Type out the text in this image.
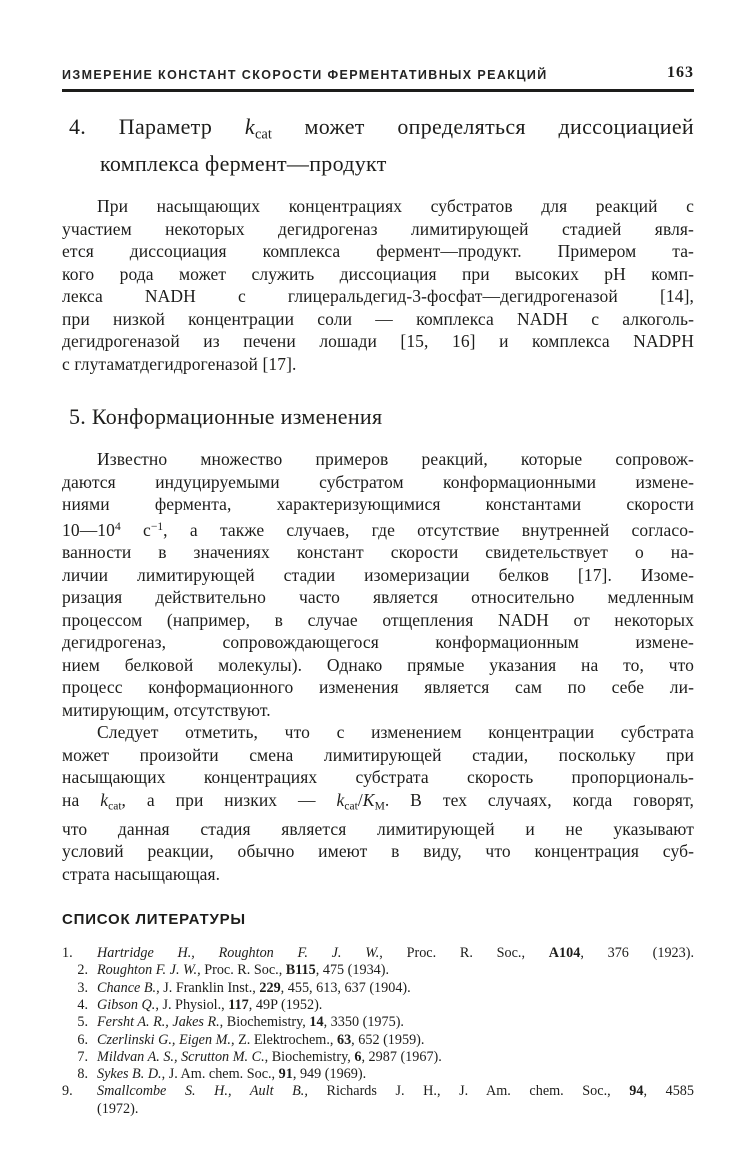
ИЗМЕРЕНИЕ КОНСТАНТ СКОРОСТИ ФЕРМЕНТАТИВНЫХ РЕАКЦИЙ	163
4. Параметр kcat может определяться диссоциацией
комплекса фермент—продукт
При насыщающих концентрациях субстратов для реакций с
участием некоторых дегидрогеназ лимитирующей стадией явля-
ется диссоциация комплекса фермент—продукт. Примером та-
кого рода может служить диссоциация при высоких pH комп-
лекса NADH с глицеральдегид-3-фосфат—дегидрогеназой [14],
при низкой концентрации соли — комплекса NADH с алкоголь-
дегидрогеназой из печени лошади [15, 16] и комплекса NADPH
с глутаматдегидрогеназой [17].
5. Конформационные изменения
Известно множество примеров реакций, которые сопровож-
даются индуцируемыми субстратом конформационными измене-
ниями фермента, характеризующимися константами скорости
$10—10^4$ $с^{-1}$, а также случаев, где отсутствие внутренней согласо-
ванности в значениях констант скорости свидетельствует о на-
личии лимитирующей стадии изомеризации белков [17]. Изоме-
ризация действительно часто является относительно медленным
процессом (например, в случае отщепления NADH от некоторых
дегидрогеназ, сопровождающегося конформационным измене-
нием белковой молекулы). Однако прямые указания на то, что
процесс конформационного изменения является сам по себе ли-
митирующим, отсутствуют.
Следует отметить, что с изменением концентрации субстрата
может произойти смена лимитирующей стадии, поскольку при
насыщающих концентрациях субстрата скорость пропорциональ-
на kcat, а при низких — kcat/KМ. В тех случаях, когда говорят,
что данная стадия является лимитирующей и не указывают
условий реакции, обычно имеют в виду, что концентрация суб-
страта насыщающая.
СПИСОК ЛИТЕРАТУРЫ
1. Hartridge H., Roughton F. J. W., Proc. R. Soc., A104, 376 (1923).
2. Roughton F. J. W., Proc. R. Soc., B115, 475 (1934).
3. Chance B., J. Franklin Inst., 229, 455, 613, 637 (1904).
4. Gibson Q., J. Physiol., 117, 49P (1952).
5. Fersht A. R., Jakes R., Biochemistry, 14, 3350 (1975).
6. Czerlinski G., Eigen M., Z. Elektrochem., 63, 652 (1959).
7. Mildvan A. S., Scrutton M. C., Biochemistry, 6, 2987 (1967).
8. Sykes B. D., J. Am. chem. Soc., 91, 949 (1969).
9. Smallcombe S. H., Ault B., Richards J. H., J. Am. chem. Soc., 94, 4585
(1972).
